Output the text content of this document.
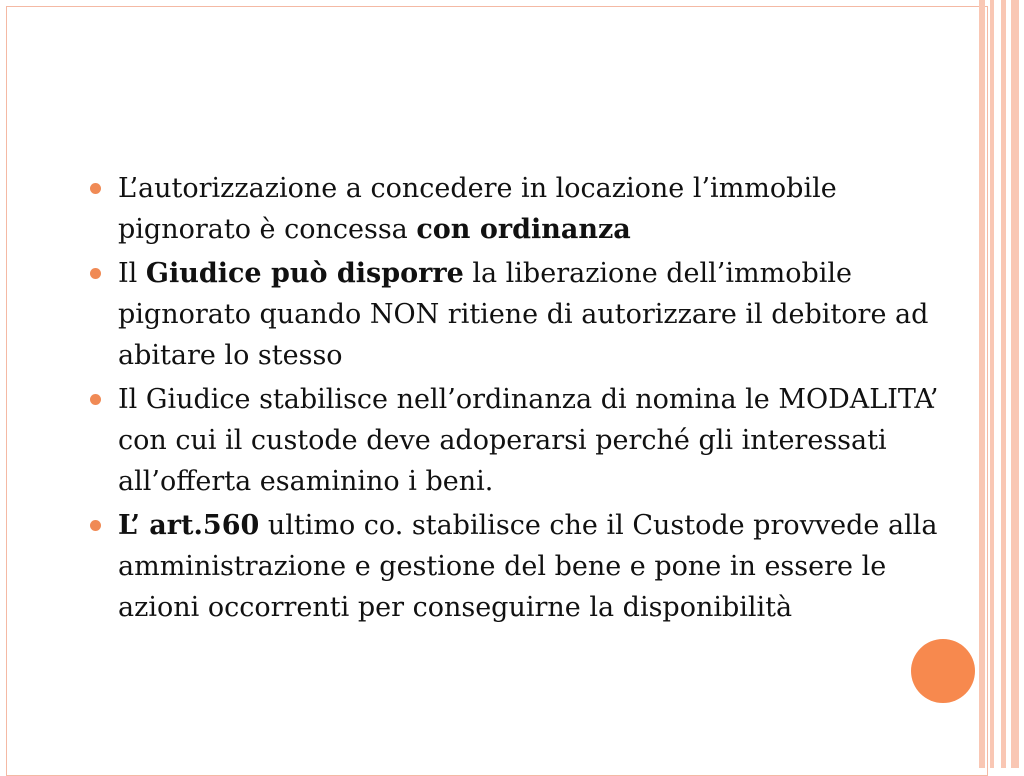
L’autorizzazione a concedere in locazione l’immobile pignorato è concessa con ordinanza
Il Giudice può disporre la liberazione dell’immobile pignorato quando NON ritiene di autorizzare il debitore ad abitare lo stesso
Il Giudice stabilisce nell’ordinanza di nomina le MODALITA’ con cui il custode deve adoperarsi perché gli interessati all’offerta esaminino i beni.
L’ art.560 ultimo co. stabilisce che il Custode provvede alla amministrazione e gestione del bene e pone in essere le azioni occorrenti per conseguirne la disponibilità
